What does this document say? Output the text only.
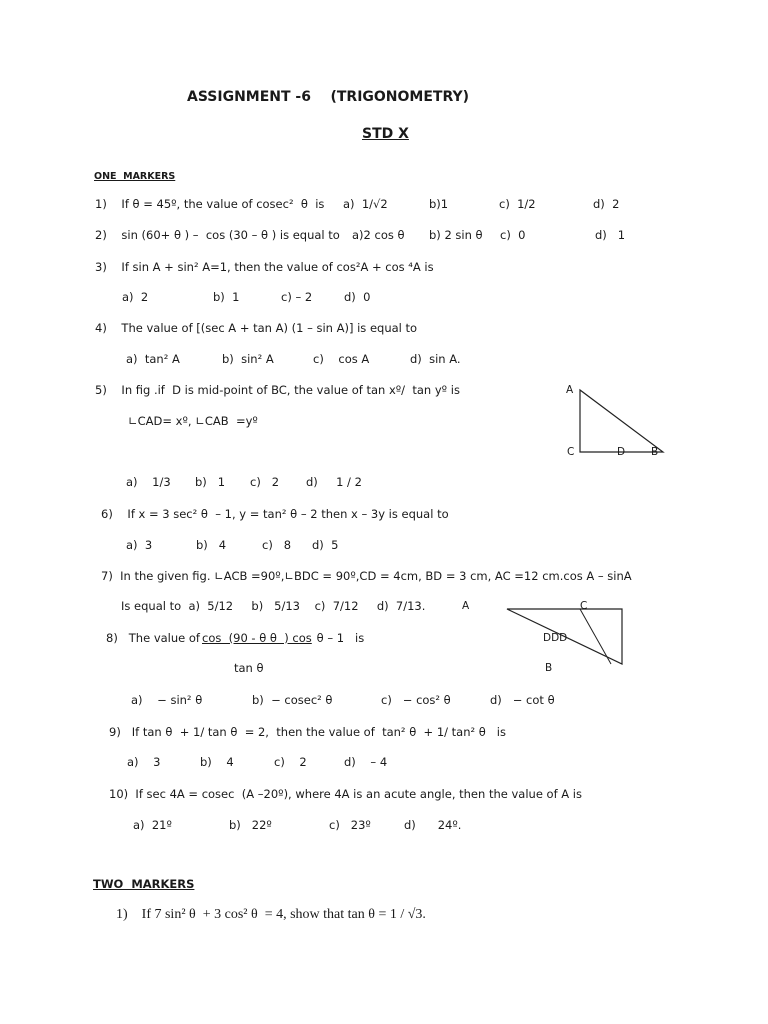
ASSIGNMENT -6    (TRIGONOMETRY)
STD X
ONE  MARKERS
1)    If θ = 45º, the value of cosec²  θ  is a)  1/√2	b)1	c)  1/2	d)  2
2)    sin (60+ θ ) –  cos (30 – θ ) is equal to a)2 cos θ b) 2 sin θ c)  0	d)   1
3)    If sin A + sin² A=1, then the value of cos²A + cos ⁴A is
a)  2	b)  1	c) – 2	d)  0
4)    The value of [(sec A + tan A) (1 – sin A)] is equal to
a)  tan² A	b)  sin² A	c)    cos A	d)  sin A.
5)    In fig .if  D is mid-point of BC, the value of tan xº/  tan yº is
∟CAD= xº, ∟CAB  =yº
a)    1/3 b)   1 c)   2 d)     1 / 2
A
C	D B
6)    If x = 3 sec² θ  – 1, y = tan² θ – 2 then x – 3y is equal to
a)  3	b)   4	c)   8 d)  5
7)  In the given fig. ∟ACB =90º,∟BDC = 90º,CD = 4cm, BD = 3 cm, AC =12 cm.cos A – sinA
Is equal to  a)  5/12     b)   5/13    c)  7/12     d)  7/13.	A	C
DDD
B
8)   The value of cos  (90 - θ θ  ) cos θ – 1   is
tan θ
a)    − sin² θ	b)  − cosec² θ	c)   − cos² θ	d)   − cot θ
9)   If tan θ  + 1/ tan θ  = 2,  then the value of  tan² θ  + 1/ tan² θ   is
a)    3	b)    4	c)    2	d)    – 4
10)  If sec 4A = cosec  (A –20º), where 4A is an acute angle, then the value of A is
a)  21º	b)   22º	c)   23º	d)      24º.
TWO  MARKERS
1)    If 7 sin² θ  + 3 cos² θ  = 4, show that tan θ = 1 / √3.
